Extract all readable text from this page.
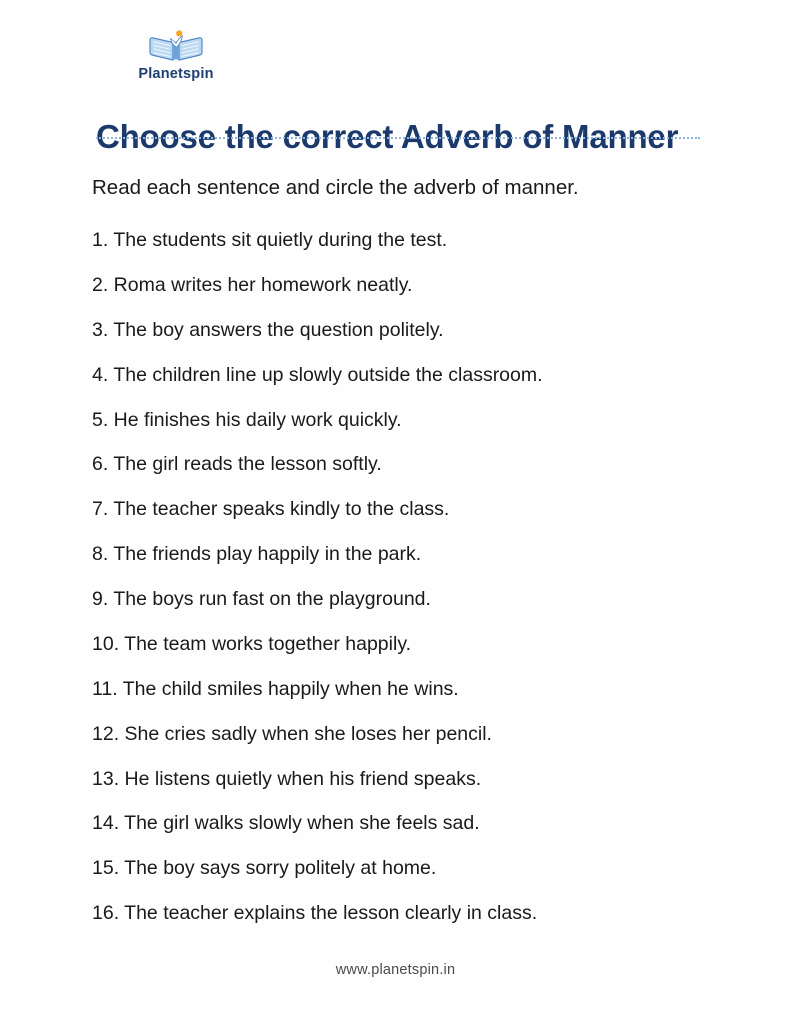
Planetspin
Choose the correct Adverb of Manner

Read each sentence and circle the adverb of manner.

1. The students sit quietly during the test.
2. Roma writes her homework neatly.
3. The boy answers the question politely.
4. The children line up slowly outside the classroom.
5. He finishes his daily work quickly.
6. The girl reads the lesson softly.
7. The teacher speaks kindly to the class.
8. The friends play happily in the park.
9. The boys run fast on the playground.
10. The team works together happily.
11. The child smiles happily when he wins.
12. She cries sadly when she loses her pencil.
13. He listens quietly when his friend speaks.
14. The girl walks slowly when she feels sad.
15. The boy says sorry politely at home.
16. The teacher explains the lesson clearly in class.
www.planetspin.in
